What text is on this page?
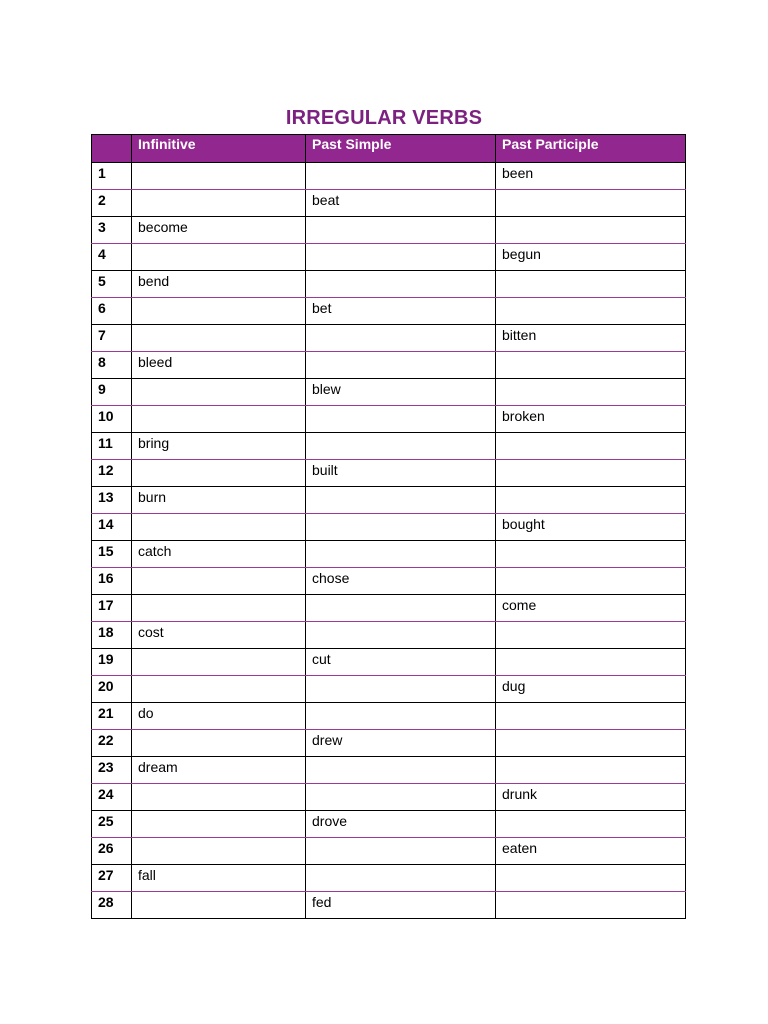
IRREGULAR VERBS
	Infinitive	Past Simple	Past Participle
1			been
2		beat	
3	become		
4			begun
5	bend		
6		bet	
7			bitten
8	bleed		
9		blew	
10			broken
11	bring		
12		built	
13	burn		
14			bought
15	catch		
16		chose	
17			come
18	cost		
19		cut	
20			dug
21	do		
22		drew	
23	dream		
24			drunk
25		drove	
26			eaten
27	fall		
28		fed	
